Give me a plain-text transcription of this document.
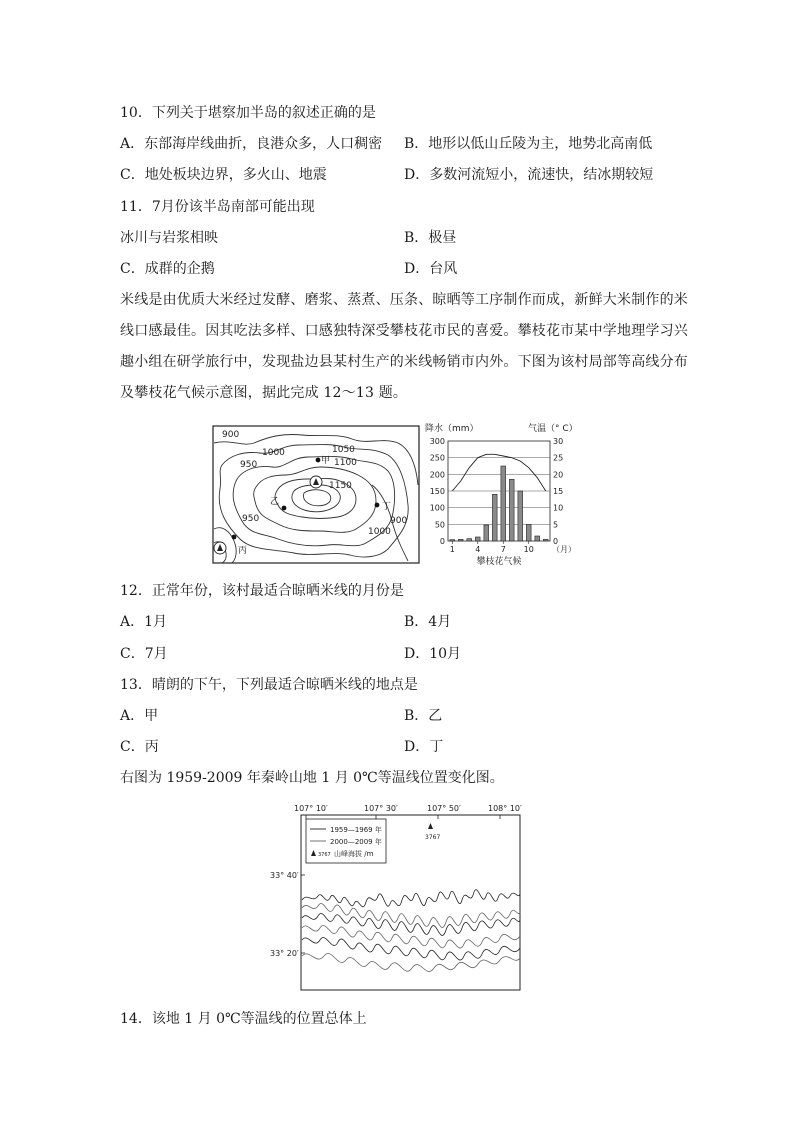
10．下列关于堪察加半岛的叙述正确的是
A．东部海岸线曲折，良港众多，人口稠密 B．地形以低山丘陵为主，地势北高南低
C．地处板块边界，多火山、地震	D．多数河流短小，流速快，结冰期较短
11．7月份该半岛南部可能出现
冰川与岩浆相映	B．极昼
C．成群的企鹅	D．台风
米线是由优质大米经过发酵、磨浆、蒸煮、压条、晾晒等工序制作而成，新鲜大米制作的米
线口感最佳。因其吃法多样、口感独特深受攀枝花市民的喜爱。攀枝花市某中学地理学习兴
趣小组在研学旅行中，发现盐边县某村生产的米线畅销市内外。下图为该村局部等高线分布
及攀枝花气候示意图，据此完成 12～13 题。
900
950
1000	1050
1100
1150
950	900
1000
甲
乙
丙
丁
降水（mm）	气温（° C）
0
50
100
150
200
250
300
0
5
10
15
20
25
30
1	4	7 10 （月）
攀枝花气候
12．正常年份，该村最适合晾晒米线的月份是
A．1月	B．4月
C．7月	D．10月
13．晴朗的下午，下列最适合晾晒米线的地点是
A．甲	B．乙
C．丙	D．丁
右图为 1959-2009 年秦岭山地 1 月 0℃等温线位置变化图。
107° 10′	107° 30′	107° 50′	108° 10′
33° 40′
33° 20′
1959—1969 年
2000—2009 年
3767 山峰海拔 /m
3767
14．该地 1 月 0℃等温线的位置总体上
